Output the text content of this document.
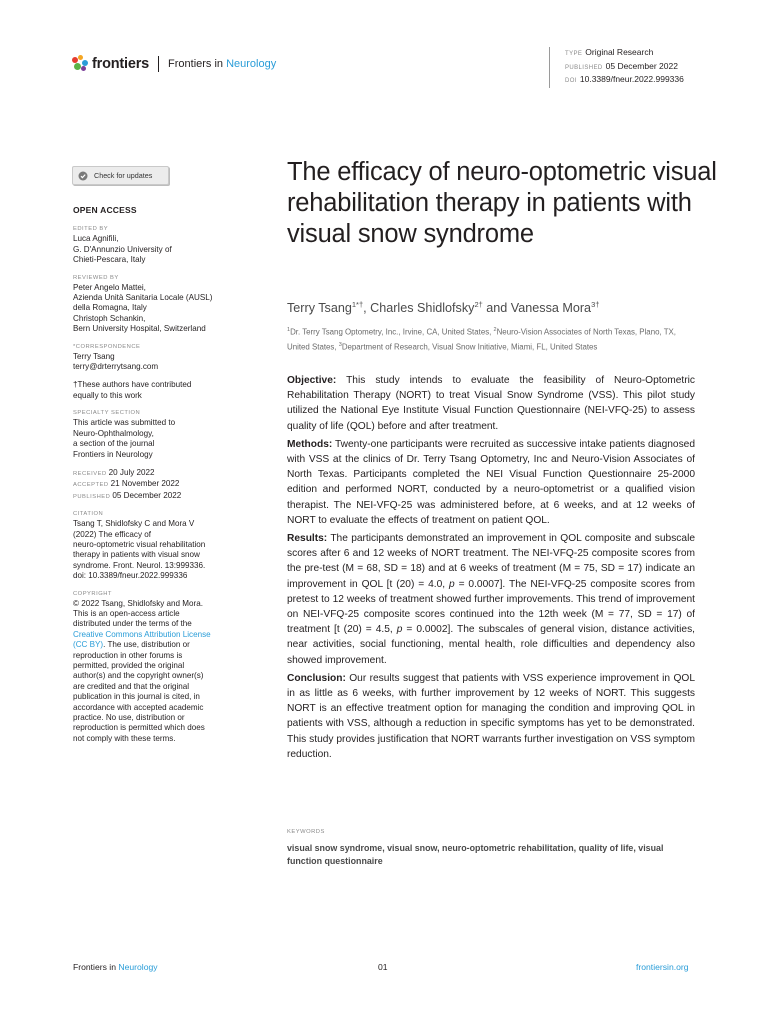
frontiers Frontiers in Neurology
TYPE Original Research
PUBLISHED 05 December 2022
DOI 10.3389/fneur.2022.999336
Check for updates
OPEN ACCESS
EDITED BY
Luca Agnifili,
G. D'Annunzio University of
Chieti-Pescara, Italy
REVIEWED BY
Peter Angelo Mattei,
Azienda Unità Sanitaria Locale (AUSL)
della Romagna, Italy
Christoph Schankin,
Bern University Hospital, Switzerland
*CORRESPONDENCE
Terry Tsang
terry@drterrytsang.com
†These authors have contributed
equally to this work
SPECIALTY SECTION
This article was submitted to
Neuro-Ophthalmology,
a section of the journal
Frontiers in Neurology
RECEIVED 20 July 2022
ACCEPTED 21 November 2022
PUBLISHED 05 December 2022
CITATION
Tsang T, Shidlofsky C and Mora V
(2022) The efficacy of
neuro-optometric visual rehabilitation
therapy in patients with visual snow
syndrome. Front. Neurol. 13:999336.
doi: 10.3389/fneur.2022.999336
COPYRIGHT
© 2022 Tsang, Shidlofsky and Mora.
This is an open-access article
distributed under the terms of the
Creative Commons Attribution License
(CC BY). The use, distribution or
reproduction in other forums is
permitted, provided the original
author(s) and the copyright owner(s)
are credited and that the original
publication in this journal is cited, in
accordance with accepted academic
practice. No use, distribution or
reproduction is permitted which does
not comply with these terms.
The efficacy of neuro-optometric visual rehabilitation therapy in patients with visual snow syndrome
Terry Tsang$^{1*\dagger}$, Charles Shidlofsky$^{2\dagger}$ and Vanessa Mora$^{3\dagger}$
$^1$Dr. Terry Tsang Optometry, Inc., Irvine, CA, United States, $^2$Neuro-Vision Associates of North Texas, Plano, TX, United States, $^3$Department of Research, Visual Snow Initiative, Miami, FL, United States

Objective: This study intends to evaluate the feasibility of Neuro-Optometric Rehabilitation Therapy (NORT) to treat Visual Snow Syndrome (VSS). This pilot study utilized the National Eye Institute Visual Function Questionnaire (NEI-VFQ-25) to assess quality of life (QOL) before and after treatment.

Methods: Twenty-one participants were recruited as successive intake patients diagnosed with VSS at the clinics of Dr. Terry Tsang Optometry, Inc and Neuro-Vision Associates of North Texas. Participants completed the NEI Visual Function Questionnaire 25-2000 edition and performed NORT, conducted by a neuro-optometrist or a qualified vision therapist. The NEI-VFQ-25 was administered before, at 6 weeks, and at 12 weeks of NORT to evaluate the effects of treatment on patient QOL.

Results: The participants demonstrated an improvement in QOL composite and subscale scores after 6 and 12 weeks of NORT treatment. The NEI-VFQ-25 composite scores from the pre-test (M = 68, SD = 18) and at 6 weeks of treatment (M = 75, SD = 17) indicate an improvement in QOL [t (20) = 4.0, p = 0.0007]. The NEI-VFQ-25 composite scores from pretest to 12 weeks of treatment showed further improvements. This trend of improvement on NEI-VFQ-25 composite scores continued into the 12th week (M = 77, SD = 17) of treatment [t (20) = 4.5, p = 0.0002]. The subscales of general vision, distance activities, near activities, social functioning, mental health, role difficulties and dependency also showed improvement.

Conclusion: Our results suggest that patients with VSS experience improvement in QOL in as little as 6 weeks, with further improvement by 12 weeks of NORT. This suggests NORT is an effective treatment option for managing the condition and improving QOL in patients with VSS, although a reduction in specific symptoms has yet to be demonstrated. This study provides justification that NORT warrants further investigation on VSS symptom reduction.

KEYWORDS
visual snow syndrome, visual snow, neuro-optometric rehabilitation, quality of life, visual function questionnaire
Frontiers in Neurology	01	frontiersin.org
